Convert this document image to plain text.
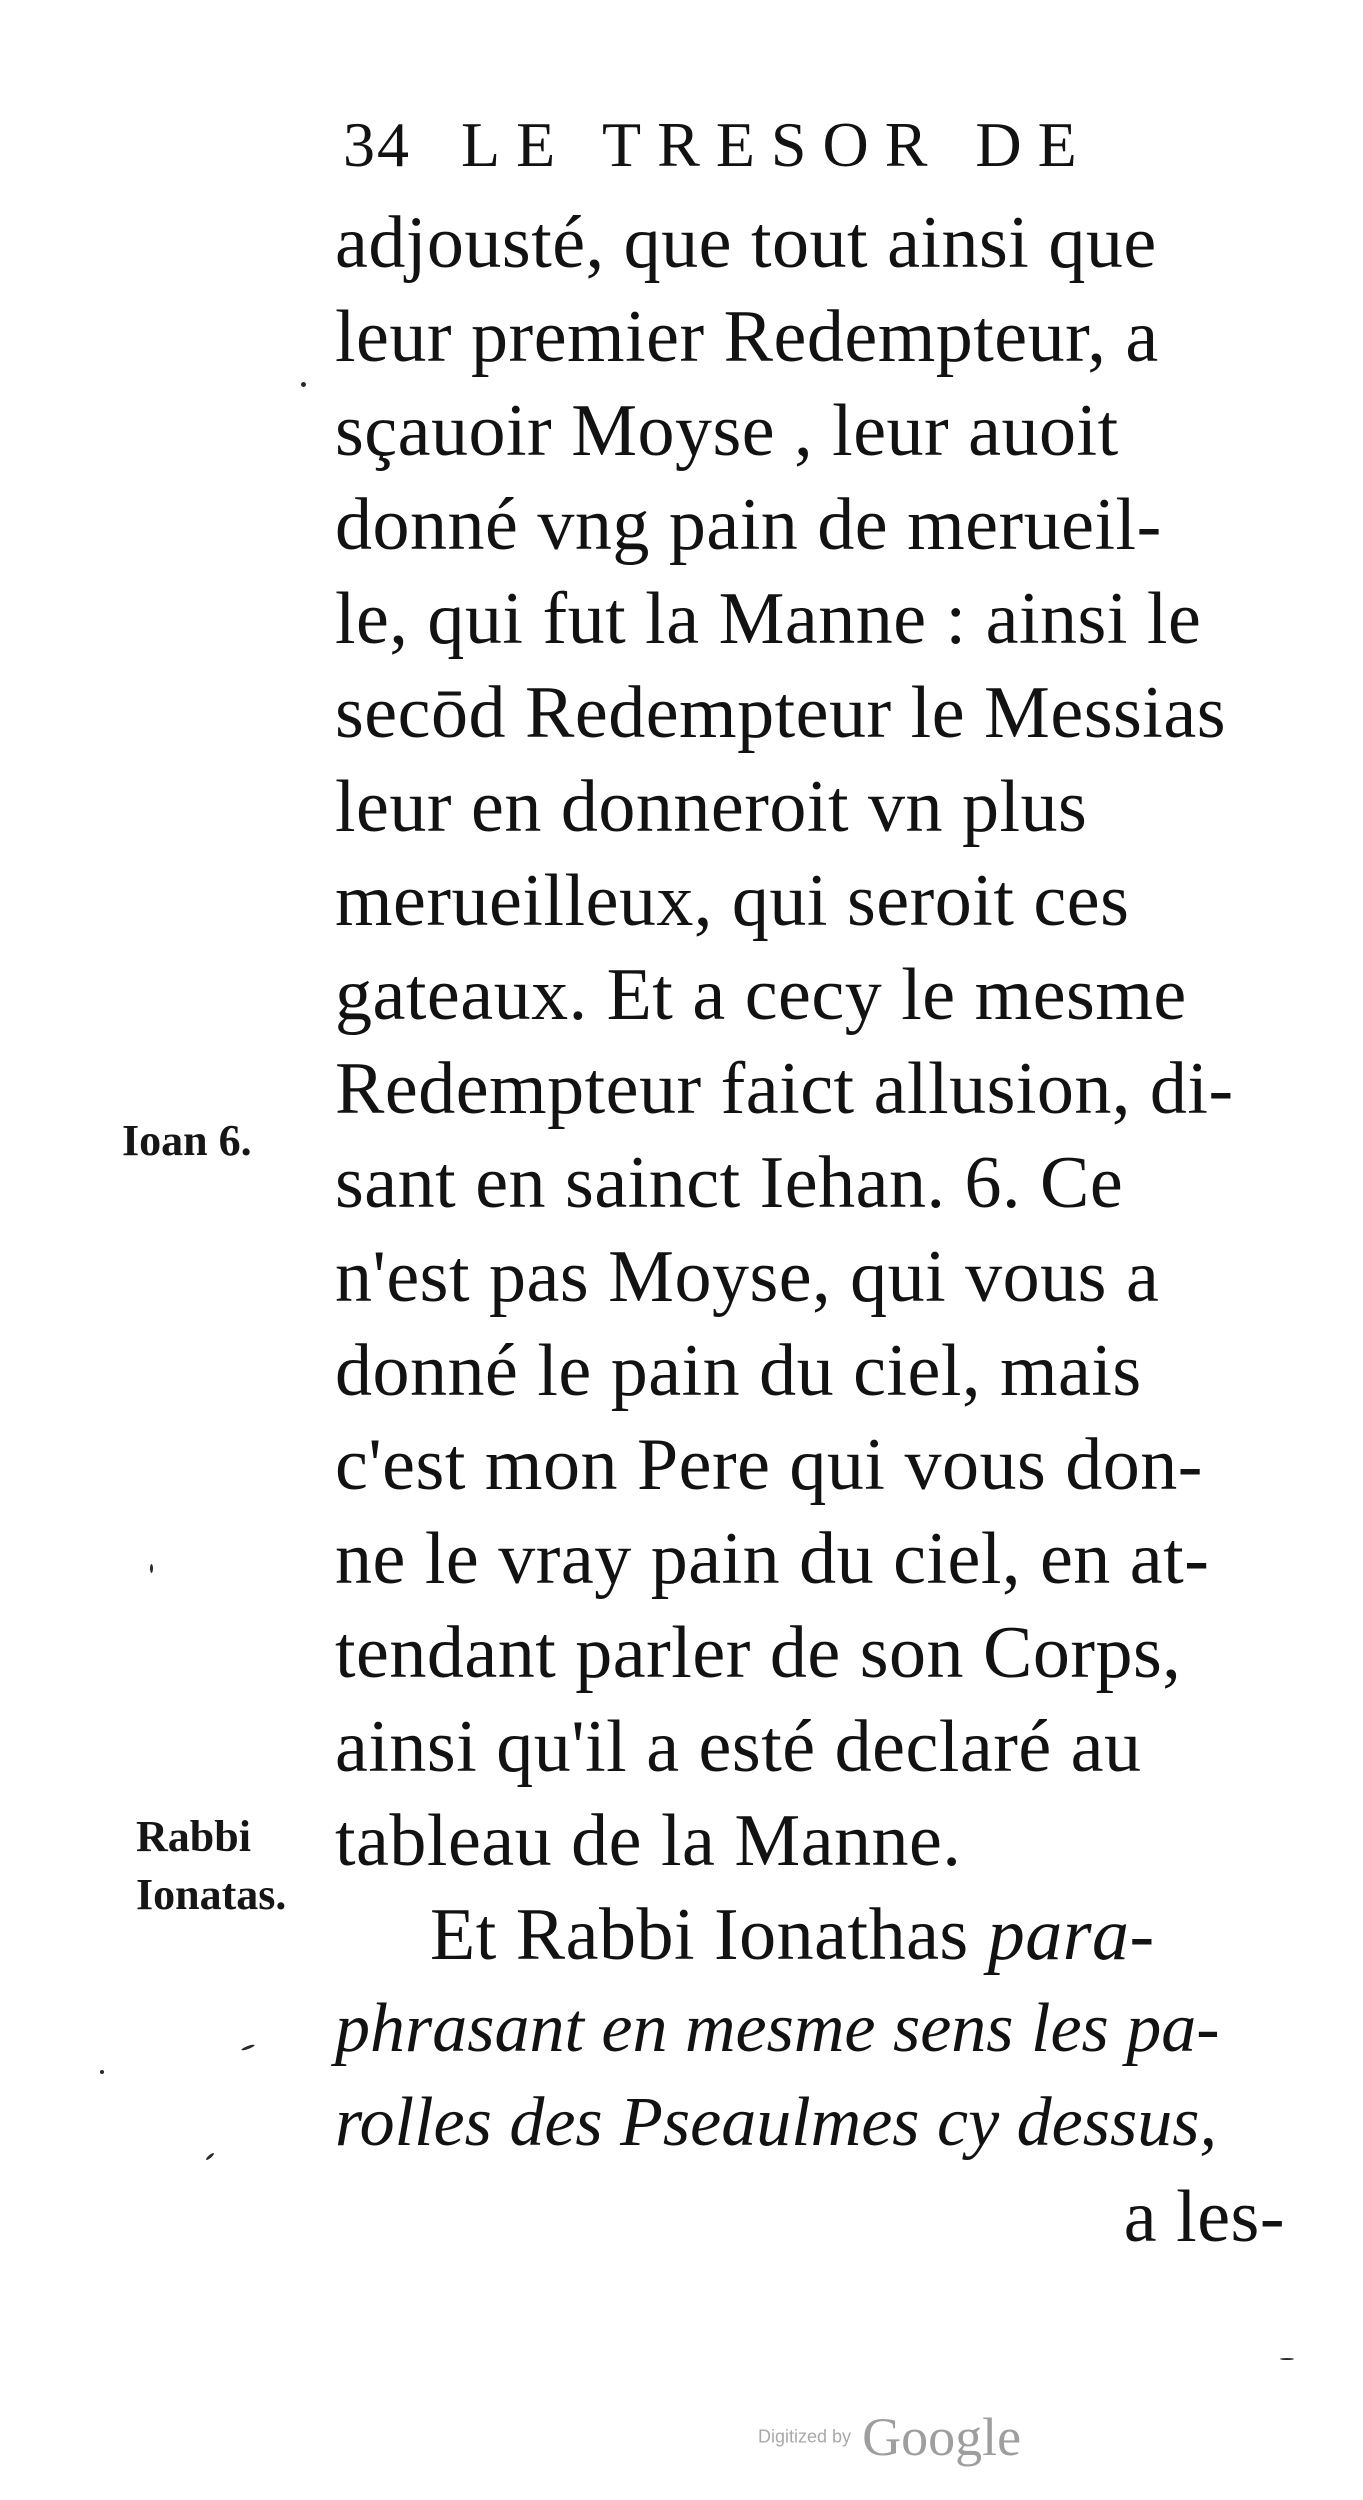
34 LE TRESOR DE
adjousté, que tout ainsi que
leur premier Redempteur, a
sçauoir Moyse , leur auoit
donné vng pain de merueil-
le, qui fut la Manne : ainsi le
secōd Redempteur le Messias
leur en donneroit vn plus
merueilleux, qui seroit ces
gateaux. Et a cecy le mesme
Redempteur faict allusion, di-
sant en sainct Iehan. 6. Ce
n'est pas Moyse, qui vous a
donné le pain du ciel, mais
c'est mon Pere qui vous don-
ne le vray pain du ciel, en at-
tendant parler de son Corps,
ainsi qu'il a esté declaré au
tableau de la Manne.
Et Rabbi Ionathas para-
phrasant en mesme sens les pa-
rolles des Pseaulmes cy dessus,
a les-
Ioan 6.
Rabbi
Ionatas.
Digitized by Google
